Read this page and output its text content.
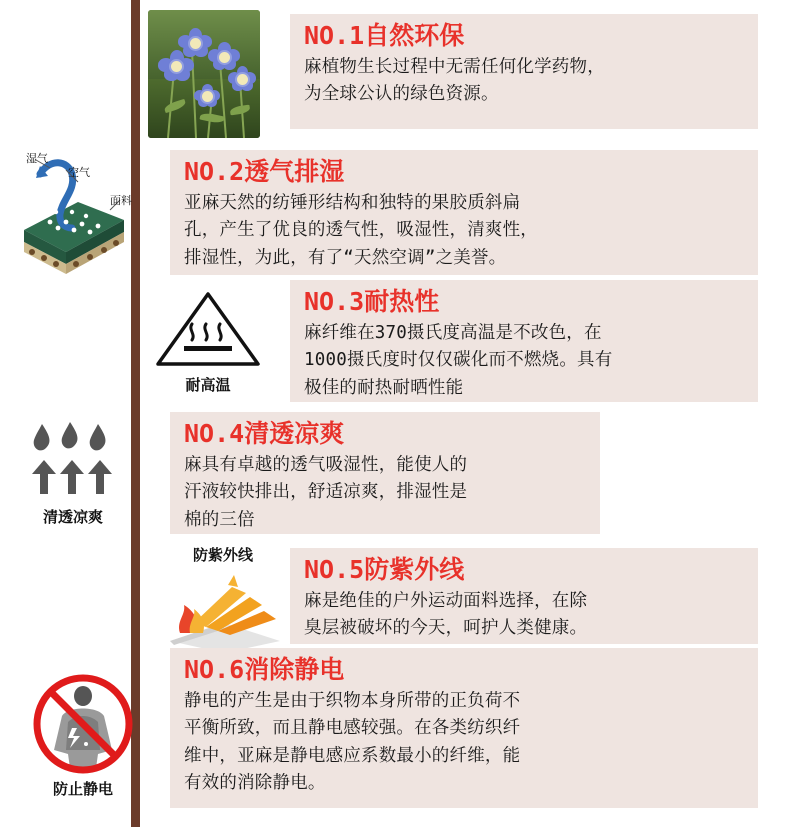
NO.1自然环保
麻植物生长过程中无需任何化学药物，
为全球公认的绿色资源。
湿气
空气
面料
NO.2透气排湿
亚麻天然的纺锤形结构和独特的果胶质斜扁
孔，产生了优良的透气性，吸湿性，清爽性，
排湿性，为此，有了“天然空调”之美誉。
耐高温
NO.3耐热性
麻纤维在370摄氏度高温是不改色，在
1000摄氏度时仅仅碳化而不燃烧。具有
极佳的耐热耐晒性能
清透凉爽
NO.4清透凉爽
麻具有卓越的透气吸湿性，能使人的
汗液较快排出，舒适凉爽，排湿性是
棉的三倍
防紫外线	NO.5防紫外线
麻是绝佳的户外运动面料选择，在除
臭层被破坏的今天，呵护人类健康。
防止静电
NO.6消除静电
静电的产生是由于织物本身所带的正负荷不
平衡所致，而且静电感较强。在各类纺织纤
维中，亚麻是静电感应系数最小的纤维，能
有效的消除静电。
